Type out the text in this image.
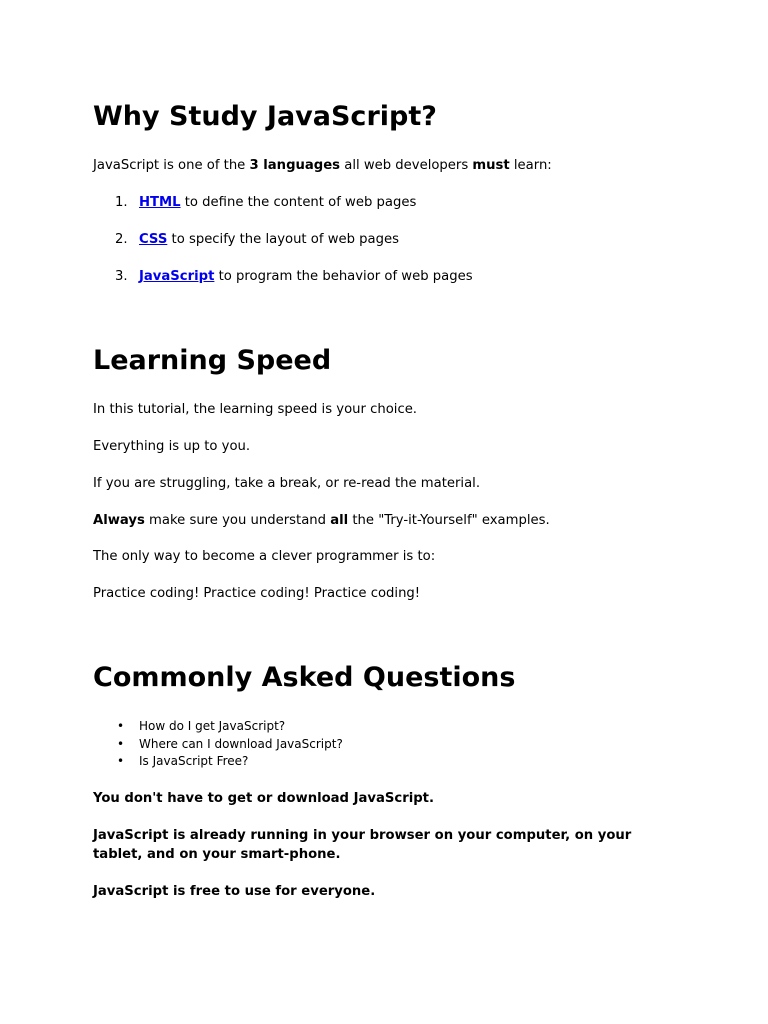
Why Study JavaScript?

JavaScript is one of the 3 languages all web developers must learn:

1. HTML to define the content of web pages
2. CSS to specify the layout of web pages
3. JavaScript to program the behavior of web pages
Learning Speed

In this tutorial, the learning speed is your choice.

Everything is up to you.

If you are struggling, take a break, or re-read the material.

Always make sure you understand all the "Try-it-Yourself" examples.

The only way to become a clever programmer is to:

Practice coding! Practice coding! Practice coding!

Commonly Asked Questions
• How do I get JavaScript?
• Where can I download JavaScript?
• Is JavaScript Free?

You don't have to get or download JavaScript.

JavaScript is already running in your browser on your computer, on your tablet, and on your smart-phone.

JavaScript is free to use for everyone.
